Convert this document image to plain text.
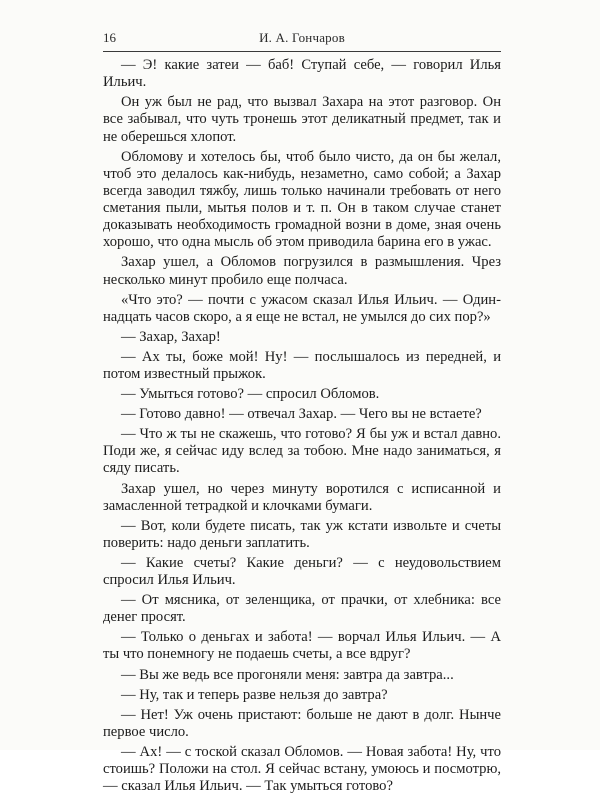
16	И. А. Гончаров

— Э! какие затеи — баб! Ступай себе, — говорил Илья Ильич.

Он уж был не рад, что вызвал Захара на этот разговор. Он все забывал, что чуть тронешь этот деликатный предмет, так и не оберешься хлопот.

Обломову и хотелось бы, чтоб было чисто, да он бы желал, чтоб это делалось как-нибудь, незаметно, само собой; а Захар всегда заводил тяжбу, лишь только начинали требовать от него сметания пыли, мытья полов и т. п. Он в таком случае станет доказывать необходимость громадной возни в доме, зная очень хорошо, что одна мысль об этом приводила барина его в ужас.

Захар ушел, а Обломов погрузился в размышления. Чрез несколько минут пробило еще полчаса.

«Что это? — почти с ужасом сказал Илья Ильич. — Одиннадцать часов скоро, а я еще не встал, не умылся до сих пор?»

— Захар, Захар!

— Ах ты, боже мой! Ну! — послышалось из передней, и потом известный прыжок.

— Умыться готово? — спросил Обломов.

— Готово давно! — отвечал Захар. — Чего вы не встаете?

— Что ж ты не скажешь, что готово? Я бы уж и встал давно. Поди же, я сейчас иду вслед за тобою. Мне надо заниматься, я сяду писать.

Захар ушел, но через минуту воротился с исписанной и замасленной тетрадкой и клочками бумаги.

— Вот, коли будете писать, так уж кстати извольте и счеты поверить: надо деньги заплатить.

— Какие счеты? Какие деньги? — с неудовольствием спросил Илья Ильич.

— От мясника, от зеленщика, от прачки, от хлебника: все денег просят.

— Только о деньгах и забота! — ворчал Илья Ильич. — А ты что понемногу не подаешь счеты, а все вдруг?

— Вы же ведь все прогоняли меня: завтра да завтра...

— Ну, так и теперь разве нельзя до завтра?

— Нет! Уж очень пристают: больше не дают в долг. Нынче первое число.

— Ах! — с тоской сказал Обломов. — Новая забота! Ну, что стоишь? Положи на стол. Я сейчас встану, умоюсь и посмотрю, — сказал Илья Ильич. — Так умыться готово?
